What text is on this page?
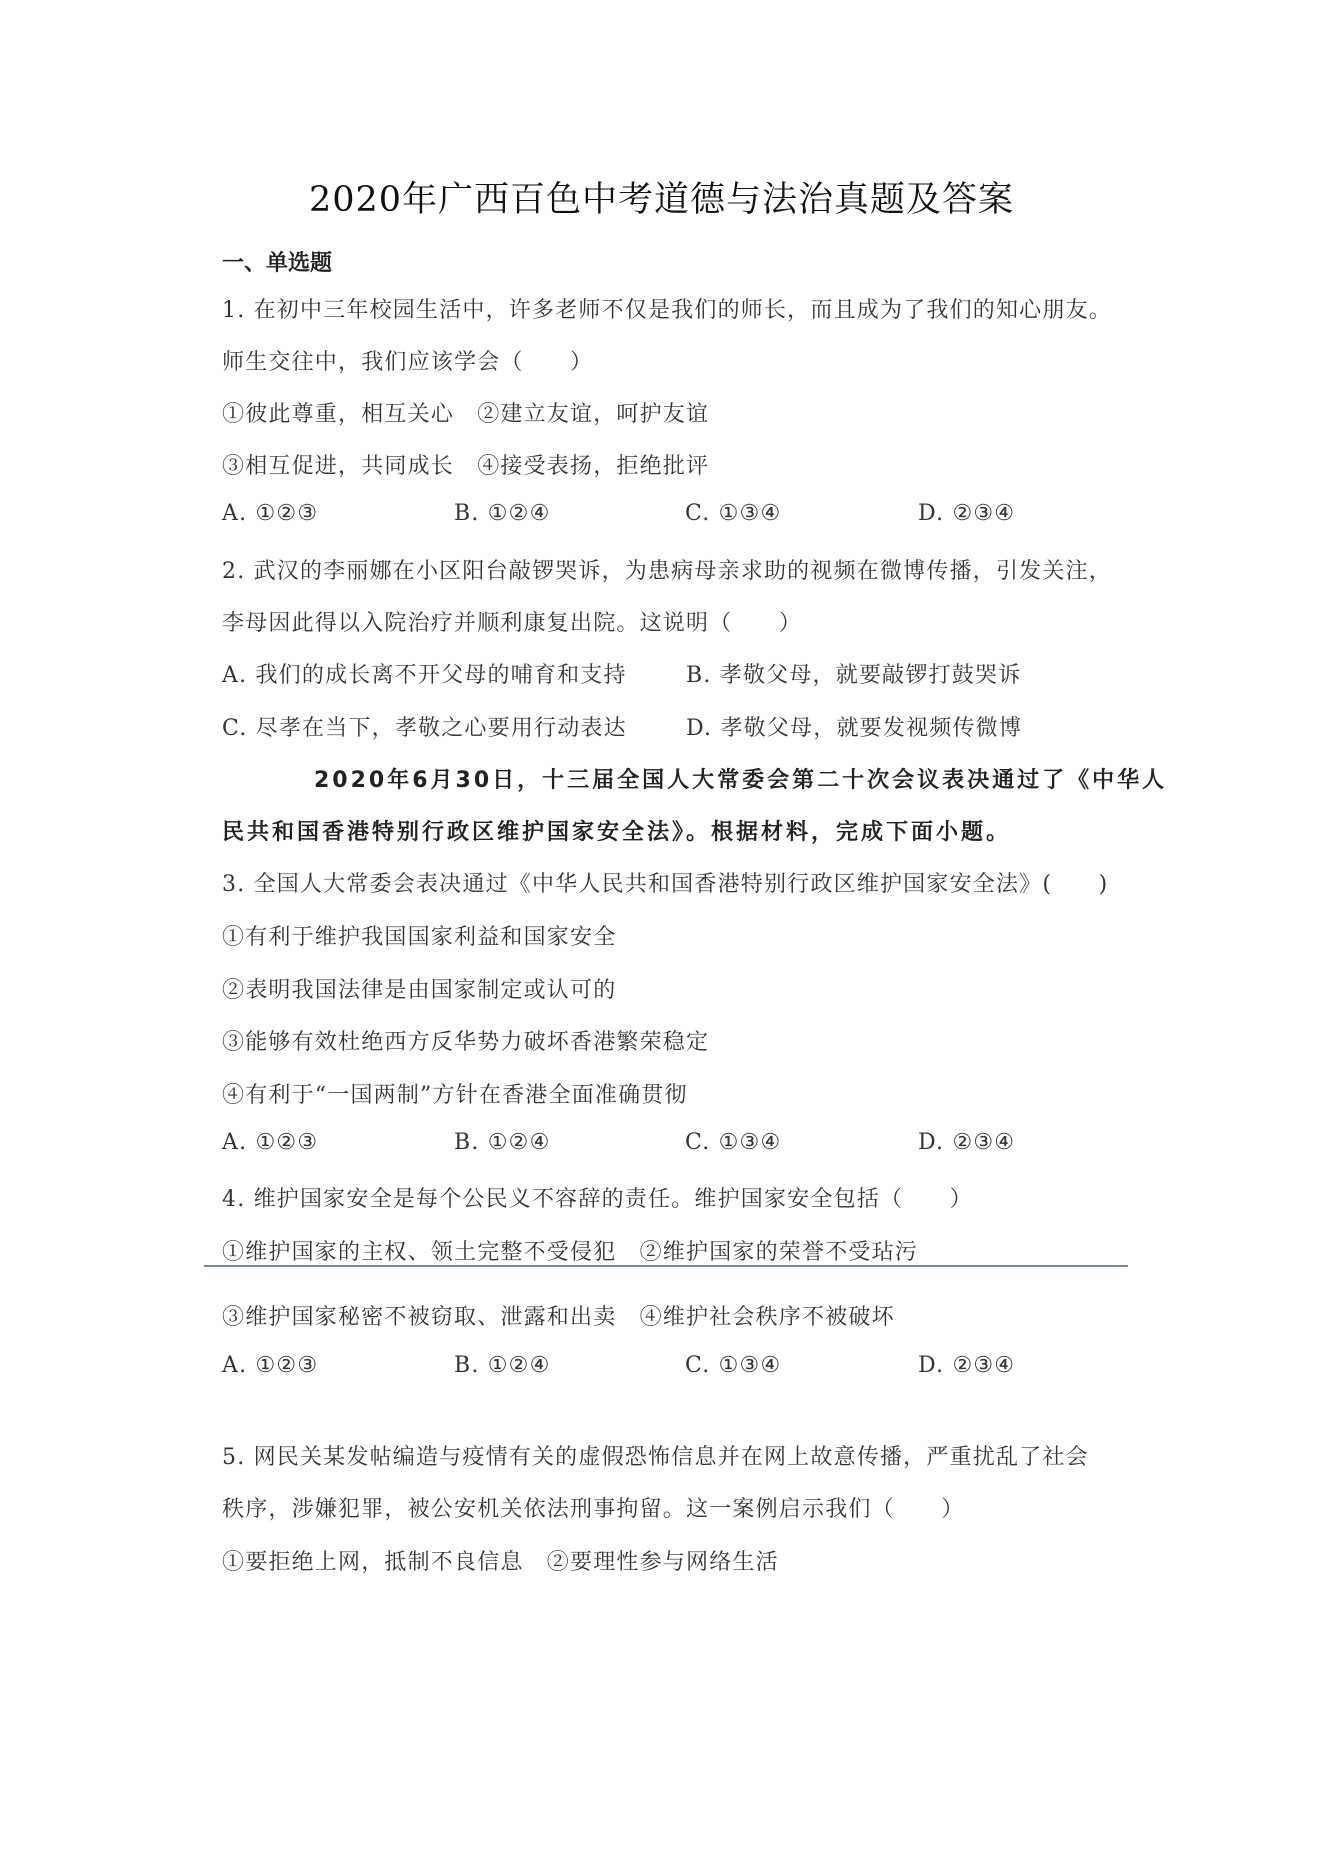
2020年广西百色中考道德与法治真题及答案
一、单选题
1. 在初中三年校园生活中，许多老师不仅是我们的师长，而且成为了我们的知心朋友。
师生交往中，我们应该学会（　　）
①彼此尊重，相互关心　②建立友谊，呵护友谊
③相互促进，共同成长　④接受表扬，拒绝批评
A. ①②③	B. ①②④	C. ①③④	D. ②③④
2. 武汉的李丽娜在小区阳台敲锣哭诉，为患病母亲求助的视频在微博传播，引发关注，
李母因此得以入院治疗并顺利康复出院。这说明（　　）
A. 我们的成长离不开父母的哺育和支持	B. 孝敬父母，就要敲锣打鼓哭诉
C. 尽孝在当下，孝敬之心要用行动表达	D. 孝敬父母，就要发视频传微博
2020年6月30日，十三届全国人大常委会第二十次会议表决通过了《中华人
民共和国香港特别行政区维护国家安全法》。根据材料，完成下面小题。
3. 全国人大常委会表决通过《中华人民共和国香港特别行政区维护国家安全法》(　　)
①有利于维护我国国家利益和国家安全
②表明我国法律是由国家制定或认可的
③能够有效杜绝西方反华势力破坏香港繁荣稳定
④有利于“一国两制”方针在香港全面准确贯彻
A. ①②③	B. ①②④	C. ①③④	D. ②③④
4. 维护国家安全是每个公民义不容辞的责任。维护国家安全包括（　　）
①维护国家的主权、领土完整不受侵犯　②维护国家的荣誉不受玷污
③维护国家秘密不被窃取、泄露和出卖　④维护社会秩序不被破坏
A. ①②③	B. ①②④	C. ①③④	D. ②③④
5. 网民关某发帖编造与疫情有关的虚假恐怖信息并在网上故意传播，严重扰乱了社会
秩序，涉嫌犯罪，被公安机关依法刑事拘留。这一案例启示我们（　　）
①要拒绝上网，抵制不良信息　②要理性参与网络生活
